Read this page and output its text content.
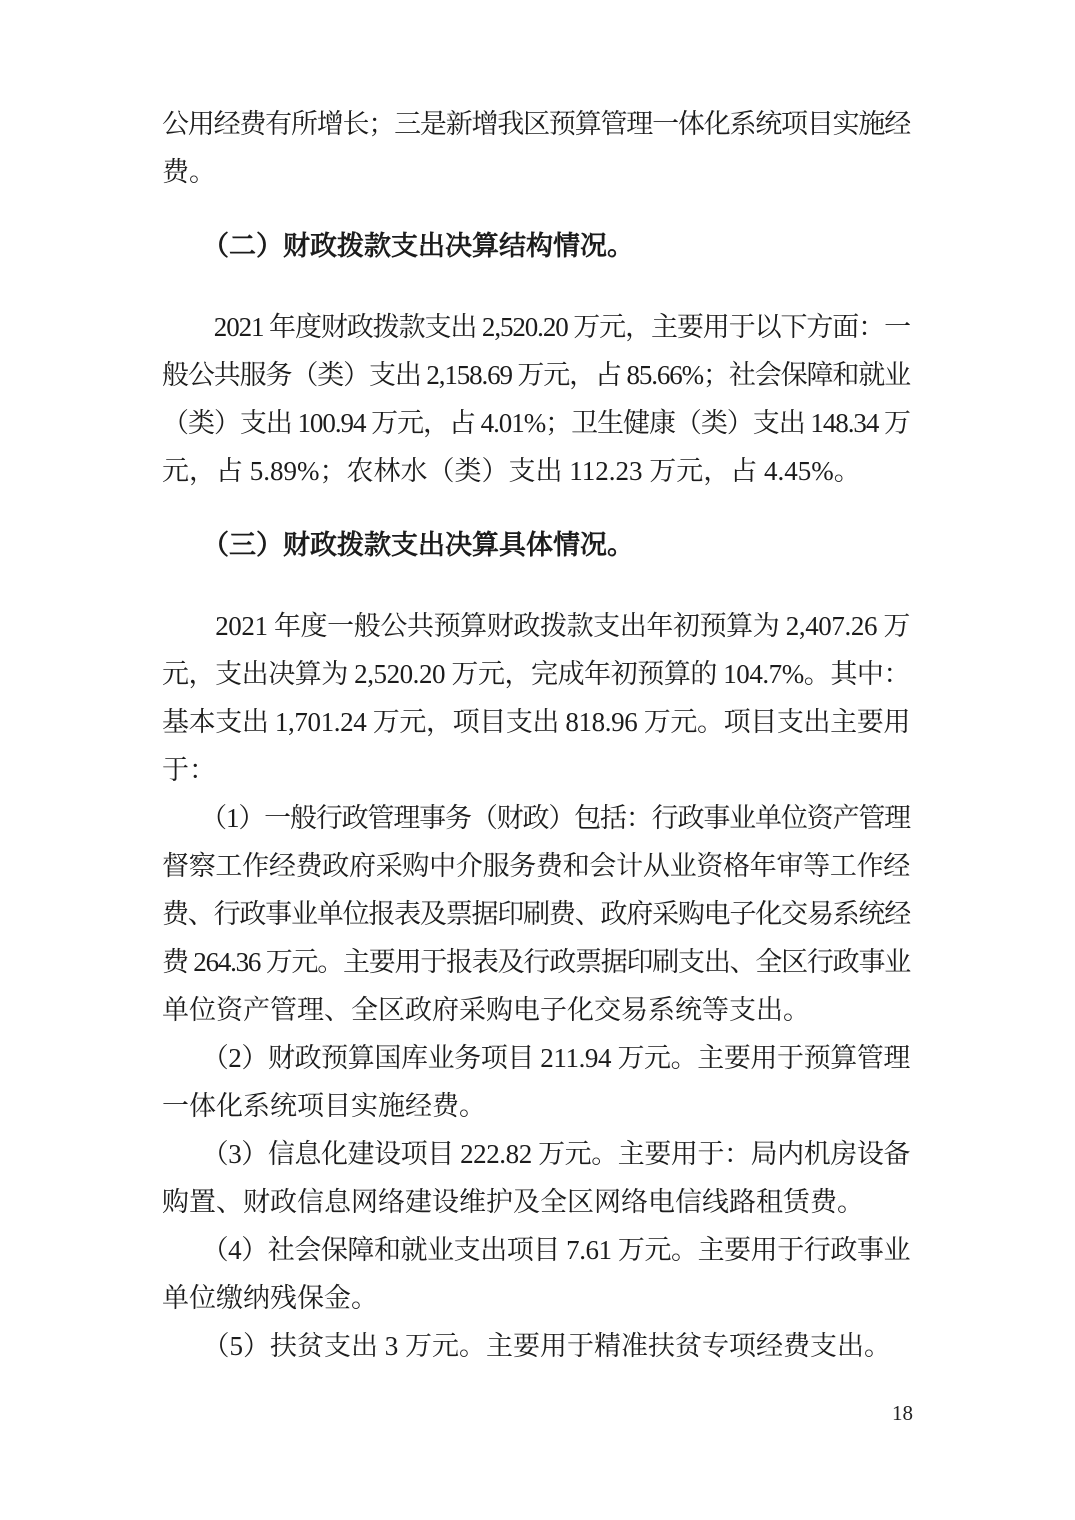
公用经费有所增长；三是新增我区预算管理一体化系统项目实施经
费。
（二）财政拨款支出决算结构情况。
　　2021 年度财政拨款支出 2,520.20 万元，主要用于以下方面：一
般公共服务（类）支出 2,158.69 万元，占 85.66%；社会保障和就业
（类）支出 100.94 万元，占 4.01%；卫生健康（类）支出 148.34 万
元，占 5.89%；农林水（类）支出 112.23 万元，占 4.45%。
（三）财政拨款支出决算具体情况。
　　2021 年度一般公共预算财政拨款支出年初预算为 2,407.26 万
元，支出决算为 2,520.20 万元，完成年初预算的 104.7%。其中：
基本支出 1,701.24 万元，项目支出 818.96 万元。项目支出主要用
于：
　　（1）一般行政管理事务（财政）包括：行政事业单位资产管理
督察工作经费政府采购中介服务费和会计从业资格年审等工作经
费、行政事业单位报表及票据印刷费、政府采购电子化交易系统经
费 264.36 万元。主要用于报表及行政票据印刷支出、全区行政事业
单位资产管理、全区政府采购电子化交易系统等支出。
　　（2）财政预算国库业务项目 211.94 万元。主要用于预算管理
一体化系统项目实施经费。
　　（3）信息化建设项目 222.82 万元。主要用于：局内机房设备
购置、财政信息网络建设维护及全区网络电信线路租赁费。
　　（4）社会保障和就业支出项目 7.61 万元。主要用于行政事业
单位缴纳残保金。
　　（5）扶贫支出 3 万元。主要用于精准扶贫专项经费支出。
18
